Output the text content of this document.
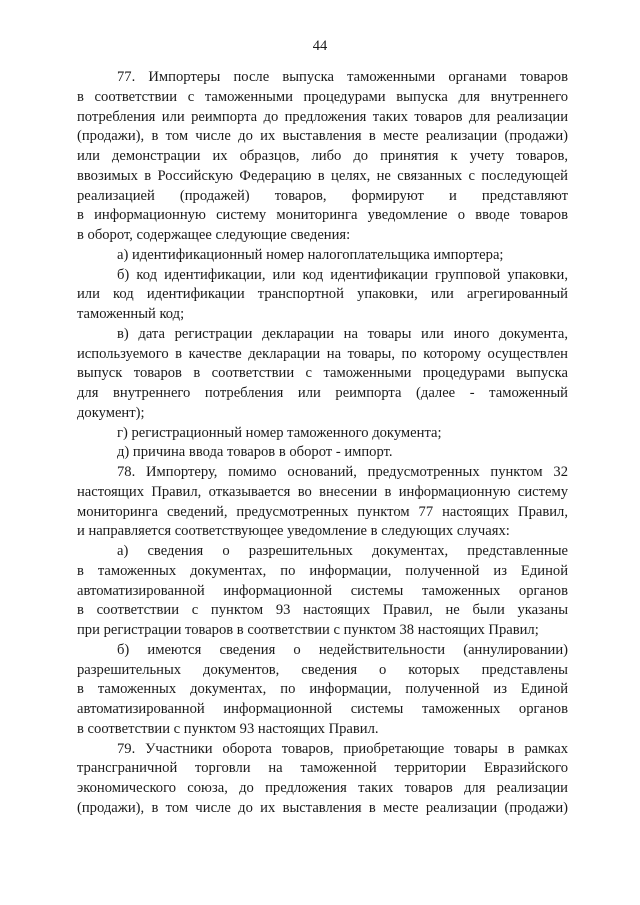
44
77. Импортеры после выпуска таможенными органами товаров
в соответствии с таможенными процедурами выпуска для внутреннего
потребления или реимпорта до предложения таких товаров для реализации
(продажи), в том числе до их выставления в месте реализации (продажи)
или демонстрации их образцов, либо до принятия к учету товаров,
ввозимых в Российскую Федерацию в целях, не связанных с последующей
реализацией (продажей) товаров, формируют и представляют
в информационную систему мониторинга уведомление о вводе товаров
в оборот, содержащее следующие сведения:
а) идентификационный номер налогоплательщика импортера;
б) код идентификации, или код идентификации групповой упаковки,
или код идентификации транспортной упаковки, или агрегированный
таможенный код;
в) дата регистрации декларации на товары или иного документа,
используемого в качестве декларации на товары, по которому осуществлен
выпуск товаров в соответствии с таможенными процедурами выпуска
для внутреннего потребления или реимпорта (далее - таможенный
документ);
г) регистрационный номер таможенного документа;
д) причина ввода товаров в оборот - импорт.
78. Импортеру, помимо оснований, предусмотренных пунктом 32
настоящих Правил, отказывается во внесении в информационную систему
мониторинга сведений, предусмотренных пунктом 77 настоящих Правил,
и направляется соответствующее уведомление в следующих случаях:
а) сведения о разрешительных документах, представленные
в таможенных документах, по информации, полученной из Единой
автоматизированной информационной системы таможенных органов
в соответствии с пунктом 93 настоящих Правил, не были указаны
при регистрации товаров в соответствии с пунктом 38 настоящих Правил;
б) имеются сведения о недействительности (аннулировании)
разрешительных документов, сведения о которых представлены
в таможенных документах, по информации, полученной из Единой
автоматизированной информационной системы таможенных органов
в соответствии с пунктом 93 настоящих Правил.
79. Участники оборота товаров, приобретающие товары в рамках
трансграничной торговли на таможенной территории Евразийского
экономического союза, до предложения таких товаров для реализации
(продажи), в том числе до их выставления в месте реализации (продажи)
